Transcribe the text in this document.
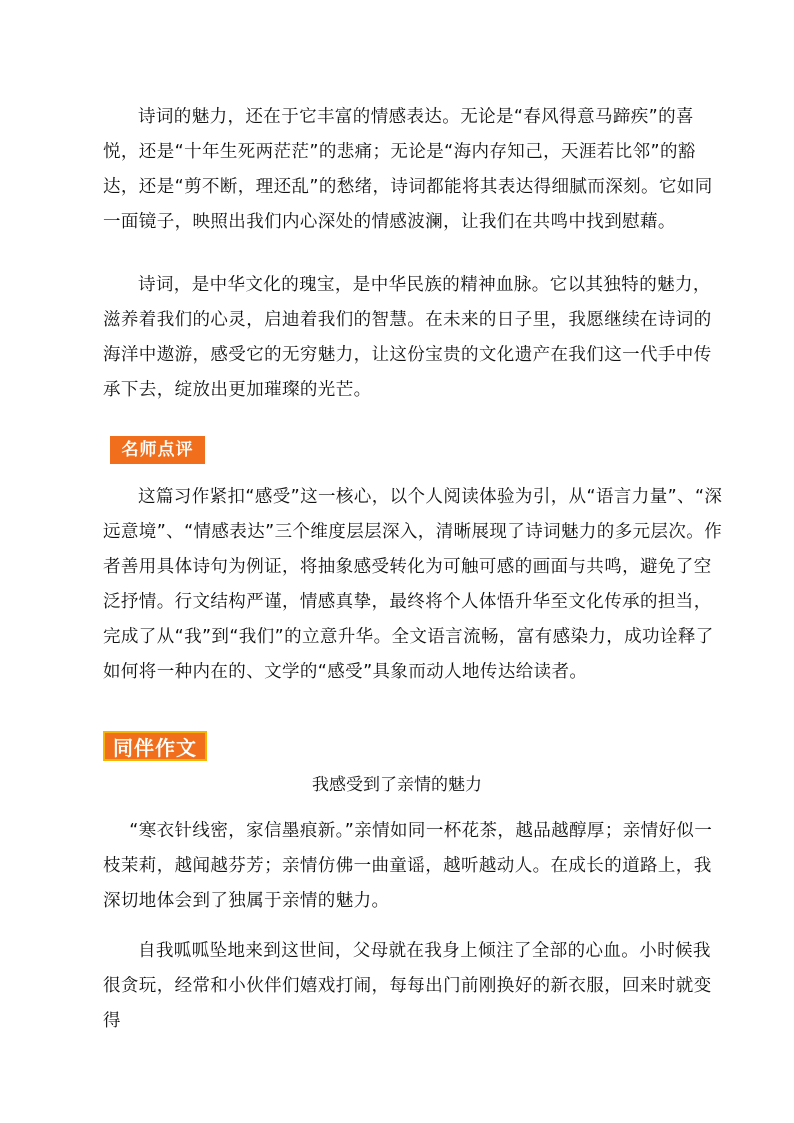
诗词的魅力，还在于它丰富的情感表达。无论是“春风得意马蹄疾”的喜悦，还是“十年生死两茫茫”的悲痛；无论是“海内存知己，天涯若比邻”的豁达，还是“剪不断，理还乱”的愁绪，诗词都能将其表达得细腻而深刻。它如同一面镜子，映照出我们内心深处的情感波澜，让我们在共鸣中找到慰藉。

诗词，是中华文化的瑰宝，是中华民族的精神血脉。它以其独特的魅力，滋养着我们的心灵，启迪着我们的智慧。在未来的日子里，我愿继续在诗词的海洋中遨游，感受它的无穷魅力，让这份宝贵的文化遗产在我们这一代手中传承下去，绽放出更加璀璨的光芒。

名师点评

这篇习作紧扣“感受”这一核心，以个人阅读体验为引，从“语言力量”、“深远意境”、“情感表达”三个维度层层深入，清晰展现了诗词魅力的多元层次。作者善用具体诗句为例证，将抽象感受转化为可触可感的画面与共鸣，避免了空泛抒情。行文结构严谨，情感真挚，最终将个人体悟升华至文化传承的担当，完成了从“我”到“我们”的立意升华。全文语言流畅，富有感染力，成功诠释了如何将一种内在的、文学的“感受”具象而动人地传达给读者。

同伴作文
我感受到了亲情的魅力

“寒衣针线密，家信墨痕新。”亲情如同一杯花茶，越品越醇厚；亲情好似一枝茉莉，越闻越芬芳；亲情仿佛一曲童谣，越听越动人。在成长的道路上，我深切地体会到了独属于亲情的魅力。

自我呱呱坠地来到这世间，父母就在我身上倾注了全部的心血。小时候我很贪玩，经常和小伙伴们嬉戏打闹，每每出门前刚换好的新衣服，回来时就变得
